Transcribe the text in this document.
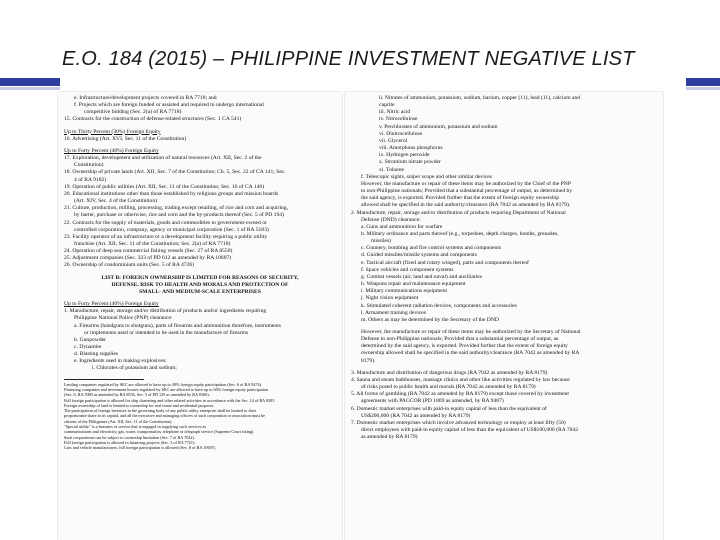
E.O. 184 (2015) – PHILIPPINE INVESTMENT NEGATIVE LIST
e. Infrastructure/development projects covered in RA 7718; and
f. Projects which are foreign funded or assisted and required to undergo international
competitive bidding (Sec. 2(a) of RA 7718)
15. Contracts for the construction of defense-related structures (Sec. 1 CA 541)
Up to Thirty Percent (30%) Foreign Equity
16. Advertising (Art. XVI, Sec. 11 of the Constitution)
Up to Forty Percent (40%) Foreign Equity
17. Exploration, development and utilization of natural resources (Art. XII, Sec. 2 of the
Constitution)
18. Ownership of private lands (Art. XII, Sec. 7 of the Constitution; Ch. 5, Sec. 22 of CA 141; Sec.
4 of RA 9182)
19. Operation of public utilities (Art. XII, Sec. 11 of the Constitution; Sec. 16 of CA 146)
20. Educational institutions other than those established by religious groups and mission boards
(Art. XIV, Sec. 4 of the Constitution)
21. Culture, production, milling, processing, trading except retailing, of rice and corn and acquiring,
by barter, purchase or otherwise, rice and corn and the by-products thereof (Sec. 5 of PD 194)
22. Contracts for the supply of materials, goods and commodities to government-owned or
controlled corporation, company, agency or municipal corporation (Sec. 1 of RA 5183)
23. Facility operator of an infrastructure or a development facility requiring a public utility
franchise (Art. XII, Sec. 11 of the Constitution; Sec. 2(a) of RA 7718)
24. Operation of deep sea commercial fishing vessels (Sec. 27 of RA 8550)
25. Adjustment companies (Sec. 323 of PD 612 as amended by RA 10607)
26. Ownership of condominium units (Sec. 5 of RA 4726)
LIST B: FOREIGN OWNERSHIP IS LIMITED FOR REASONS OF SECURITY,
DEFENSE, RISK TO HEALTH AND MORALS AND PROTECTION OF
SMALL- AND MEDIUM-SCALE ENTERPRISES
Up to Forty Percent (40%) Foreign Equity
1. Manufacture, repair, storage and/or distribution of products and/or ingredients requiring
Philippine National Police (PNP) clearance:
a. Firearms (handguns to shotguns), parts of firearms and ammunition therefore, instruments
or implements used or intended to be used in the manufacture of firearms
b. Gunpowder
c. Dynamite
d. Blasting supplies
e. Ingredients used in making explosives:
i. Chlorates of potassium and sodium;
Lending companies regulated by SEC are allowed to have up to 49% foreign equity participation (Sec. 6 of RA 9474).
Financing companies and investment houses regulated by SEC are allowed to have up to 60% foreign equity participation
(Sec. 6, RA 5980 as amended by RA 8556, Sec. 5 of PD 129 as amended by RA 8366).
Full foreign participation is allowed for ship chartering and other related activities in accordance with the Sec. 14 of RA 9295.
Foreign ownership of land is limited to ownership for real estate and residential purposes.
The participation of foreign investors in the governing body of any public utility enterprise shall be limited to their
proportionate share in its capital, and all the executive and managing officers of such corporation or association must be
citizens of the Philippines (Art. XII, Sec. 11 of the Constitution).
"Special utility" is a business or service that is engaged in supplying such services as
communications and electricity, gas, water, transportation, telephone or telegraph service (Supreme Court ruling).
Such corporations can be subject to ownership limitation (Sec. 7 of RA 7042).
Full foreign participation is allowed in financing projects (Sec. 3 of RA 7721).
Cars and vehicle manufacturers; full foreign participation is allowed (Sec. 8 of RA 10607).
ii. Nitrates of ammonium, potassium, sodium, barium, copper (11), lead (11), calcium and
cuprite
iii. Nitric acid
iv. Nitrocellulose
v. Perchlorates of ammonium, potassium and sodium
vi. Dinitrocellulose
vii. Glycerol
viii. Amorphous phosphorus
ix. Hydrogen peroxide
x. Strontium nitrate powder
xi. Toluene
f. Telescopic sights, sniper scope and other similar devices
However, the manufacture or repair of these items may be authorized by the Chief of the PNP
to non-Philippine nationals; Provided that a substantial percentage of output, as determined by
the said agency, is exported. Provided further that the extent of foreign equity ownership
allowed shall be specified in the said authority/clearance (RA 7042 as amended by RA 8179).
2. Manufacture, repair, storage and/or distribution of products requiring Department of National
Defense (DND) clearance:
a. Guns and ammunition for warfare
b. Military ordinance and parts thereof (e.g., torpedoes, depth charges, bombs, grenades,
missiles)
c. Gunnery, bombing and fire control systems and components
d. Guided missiles/missile systems and components
e. Tactical aircraft (fixed and rotary winged), parts and components thereof
f. Space vehicles and component systems
g. Combat vessels (air, land and naval) and auxiliaries
h. Weapons repair and maintenance equipment
i. Military communications equipment
j. Night vision equipment
k. Stimulated coherent radiation devices, components and accessories
l. Armament training devices
m. Others as may be determined by the Secretary of the DND
However, the manufacture or repair of these items may be authorized by the Secretary of National
Defense to non-Philippine nationals; Provided that a substantial percentage of output, as
determined by the said agency, is exported. Provided further that the extent of foreign equity
ownership allowed shall be specified in the said authority/clearance (RA 7042 as amended by RA
8179).
3. Manufacture and distribution of dangerous drugs (RA 7042 as amended by RA 8179)
4. Sauna and steam bathhouses, massage clinics and other like activities regulated by law because
of risks posed to public health and morals (RA 7042 as amended by RA 8179)
5. All forms of gambling (RA 7042 as amended by RA 8179) except those covered by investment
agreements with PAGCOR (PD 1869 as amended, by RA 9487)
6. Domestic market enterprises with paid-in equity capital of less than the equivalent of
US$200,000 (RA 7042 as amended by RA 8179)
7. Domestic market enterprises which involve advanced technology or employ at least fifty (50)
direct employees with paid-in equity capital of less than the equivalent of US$100,000 (RA 7042
as amended by RA 8179)
